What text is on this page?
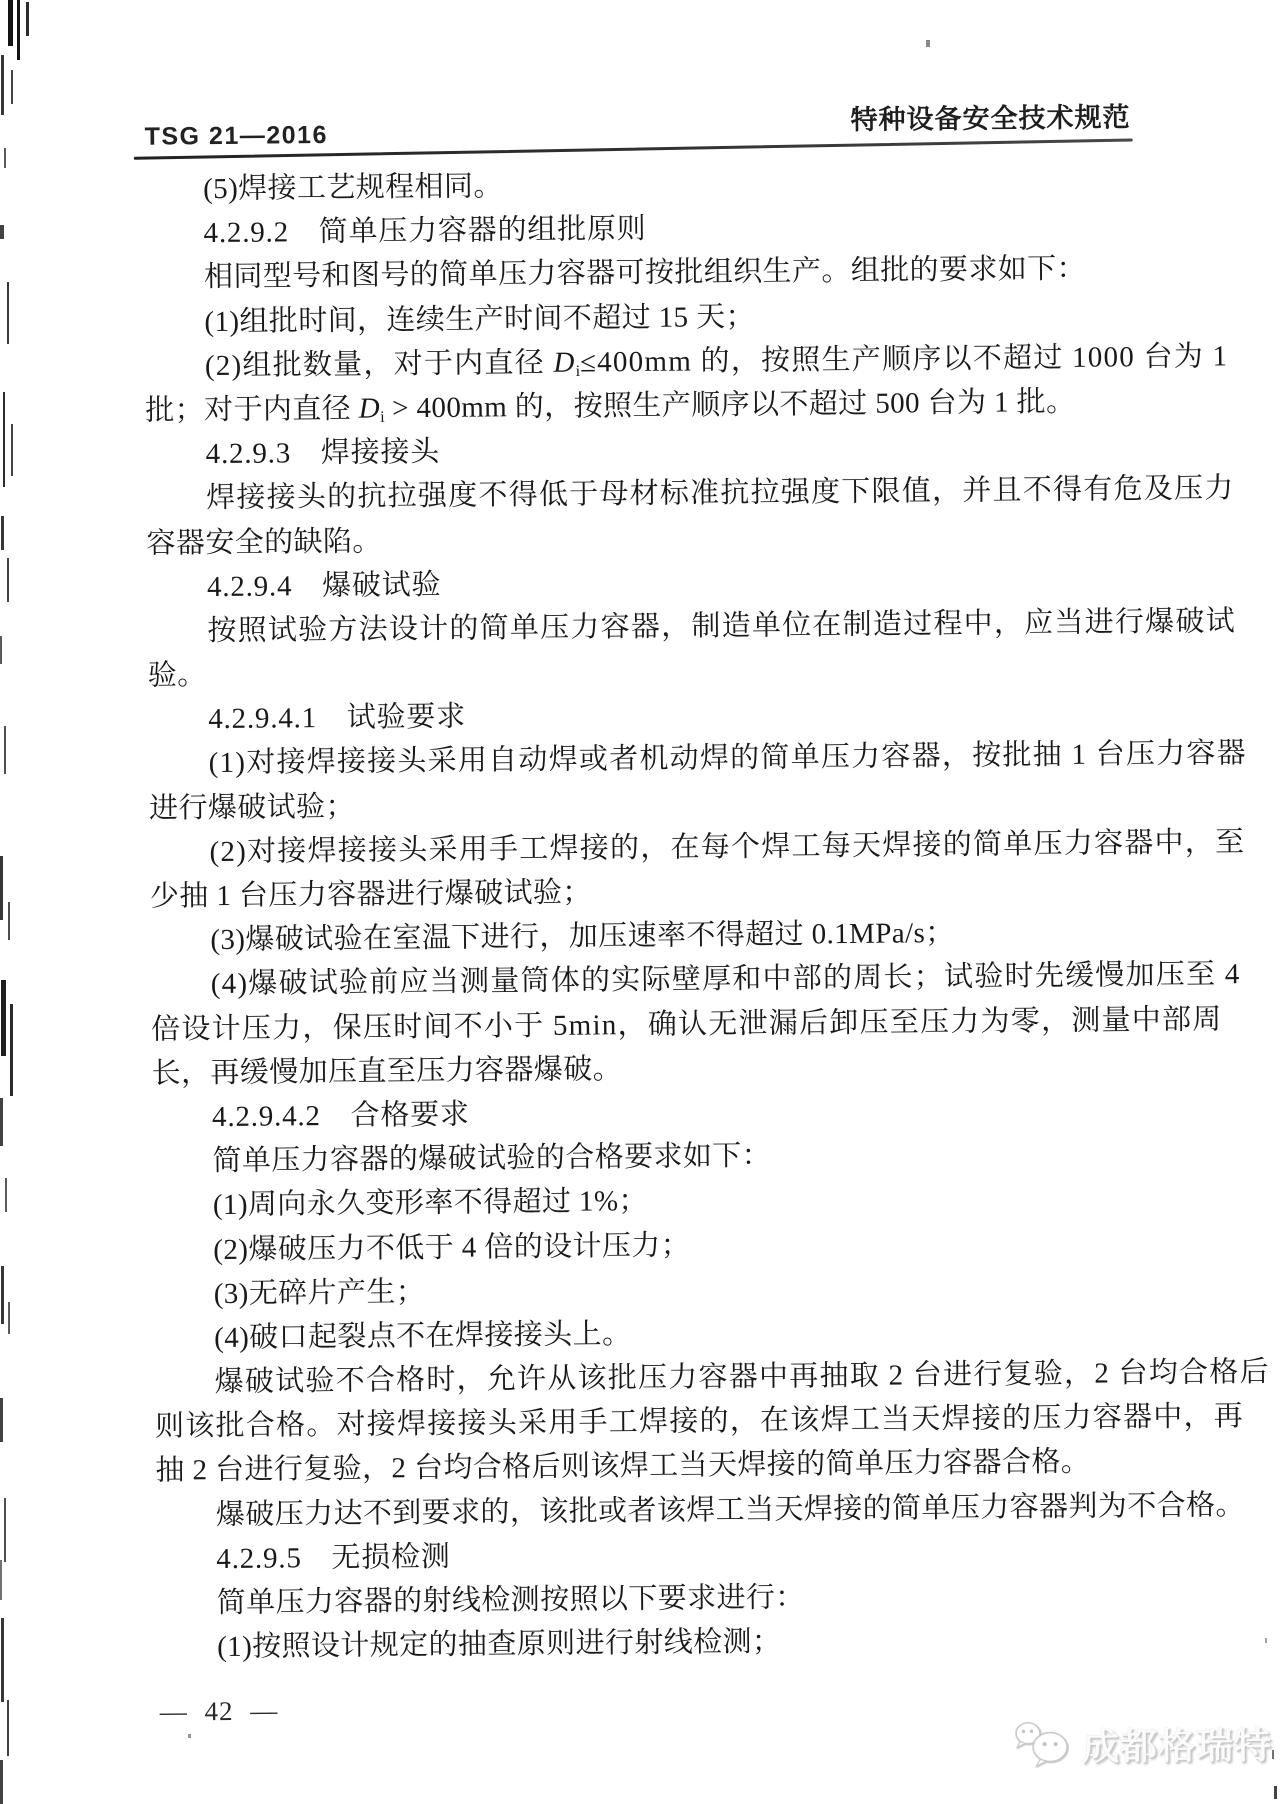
TSG 21—2016
特种设备安全技术规范
(5)焊接工艺规程相同。
4.2.9.2　简单压力容器的组批原则
相同型号和图号的简单压力容器可按批组织生产。组批的要求如下：
(1)组批时间，连续生产时间不超过 15 天；
(2)组批数量，对于内直径 $D_i\le 400mm$ 的，按照生产顺序以不超过 1000 台为 1
批；对于内直径 $D_i > 400mm$ 的，按照生产顺序以不超过 500 台为 1 批。
4.2.9.3　焊接接头
焊接接头的抗拉强度不得低于母材标准抗拉强度下限值，并且不得有危及压力
容器安全的缺陷。
4.2.9.4　爆破试验
按照试验方法设计的简单压力容器，制造单位在制造过程中，应当进行爆破试
验。
4.2.9.4.1　试验要求
(1)对接焊接接头采用自动焊或者机动焊的简单压力容器，按批抽 1 台压力容器
进行爆破试验；
(2)对接焊接接头采用手工焊接的，在每个焊工每天焊接的简单压力容器中，至
少抽 1 台压力容器进行爆破试验；
(3)爆破试验在室温下进行，加压速率不得超过 0.1MPa/s；
(4)爆破试验前应当测量筒体的实际壁厚和中部的周长；试验时先缓慢加压至 4
倍设计压力，保压时间不小于 5min，确认无泄漏后卸压至压力为零，测量中部周
长，再缓慢加压直至压力容器爆破。
4.2.9.4.2　合格要求
简单压力容器的爆破试验的合格要求如下：
(1)周向永久变形率不得超过 1%；
(2)爆破压力不低于 4 倍的设计压力；
(3)无碎片产生；
(4)破口起裂点不在焊接接头上。
爆破试验不合格时，允许从该批压力容器中再抽取 2 台进行复验，2 台均合格后
则该批合格。对接焊接接头采用手工焊接的，在该焊工当天焊接的压力容器中，再
抽 2 台进行复验，2 台均合格后则该焊工当天焊接的简单压力容器合格。
爆破压力达不到要求的，该批或者该焊工当天焊接的简单压力容器判为不合格。
4.2.9.5　无损检测
简单压力容器的射线检测按照以下要求进行：
(1)按照设计规定的抽查原则进行射线检测；
— 42 —
成都格瑞特
